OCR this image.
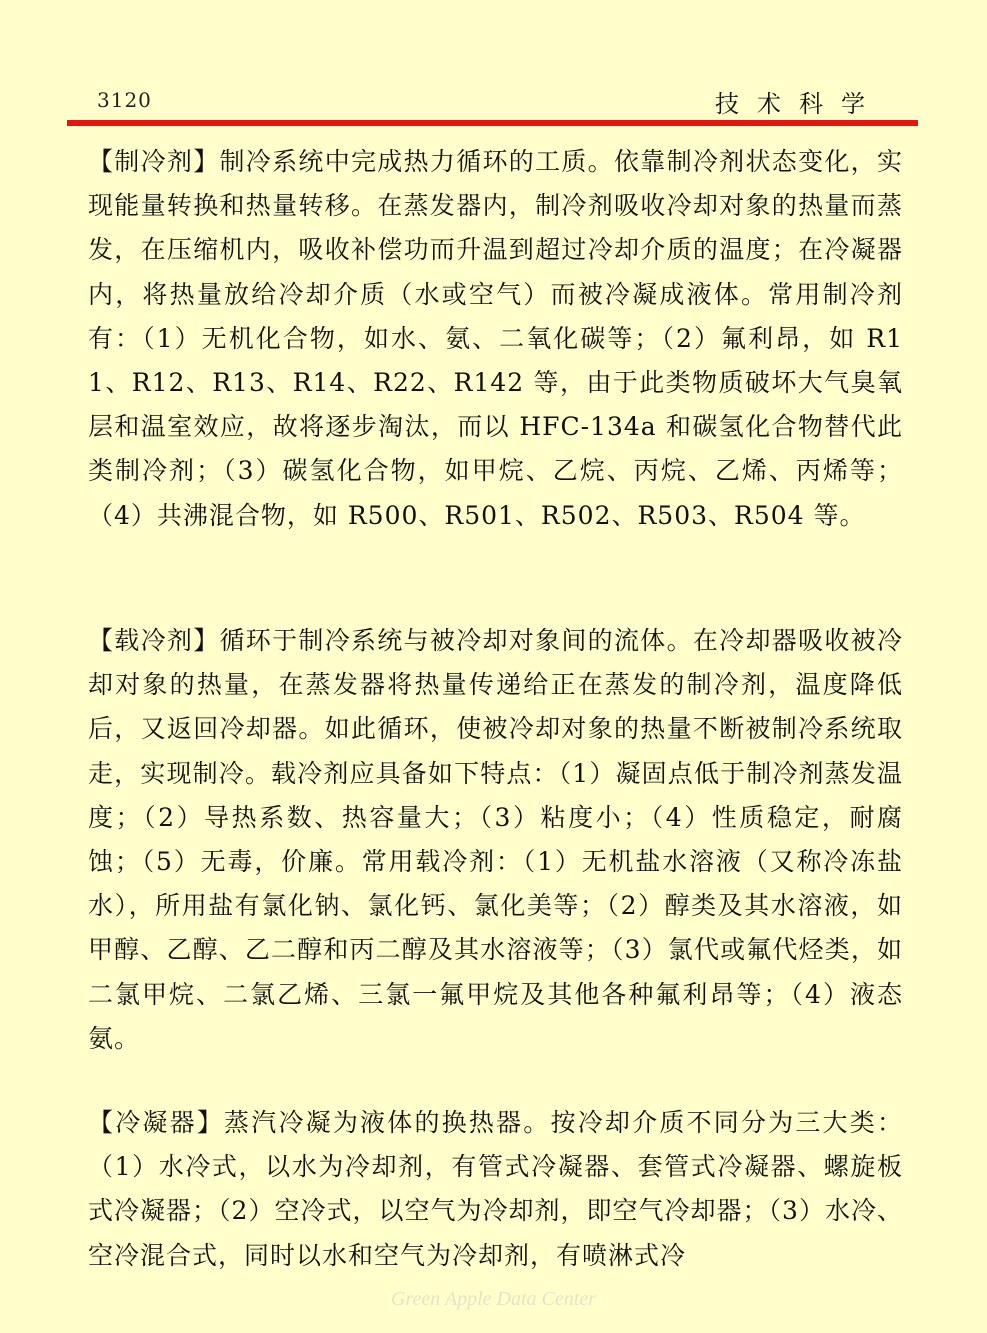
3120	技术科学
【制冷剂】制冷系统中完成热力循环的工质。依靠制冷剂状态变化，实现能量转换和热量转移。在蒸发器内，制冷剂吸收冷却对象的热量而蒸发，在压缩机内，吸收补偿功而升温到超过冷却介质的温度；在冷凝器内，将热量放给冷却介质（水或空气）而被冷凝成液体。常用制冷剂有：（1）无机化合物，如水、氨、二氧化碳等；（2）氟利昂，如 R11、R12、R13、R14、R22、R142 等，由于此类物质破坏大气臭氧层和温室效应，故将逐步淘汰，而以 HFC-134a 和碳氢化合物替代此类制冷剂；（3）碳氢化合物，如甲烷、乙烷、丙烷、乙烯、丙烯等；（4）共沸混合物，如 R500、R501、R502、R503、R504 等。
【载冷剂】循环于制冷系统与被冷却对象间的流体。在冷却器吸收被冷却对象的热量，在蒸发器将热量传递给正在蒸发的制冷剂，温度降低后，又返回冷却器。如此循环，使被冷却对象的热量不断被制冷系统取走，实现制冷。载冷剂应具备如下特点：（1）凝固点低于制冷剂蒸发温度；（2）导热系数、热容量大；（3）粘度小；（4）性质稳定，耐腐蚀；（5）无毒，价廉。常用载冷剂：（1）无机盐水溶液（又称冷冻盐水），所用盐有氯化钠、氯化钙、氯化美等；（2）醇类及其水溶液，如甲醇、乙醇、乙二醇和丙二醇及其水溶液等；（3）氯代或氟代烃类，如二氯甲烷、二氯乙烯、三氯一氟甲烷及其他各种氟利昂等；（4）液态氨。
【冷凝器】蒸汽冷凝为液体的换热器。按冷却介质不同分为三大类：（1）水冷式，以水为冷却剂，有管式冷凝器、套管式冷凝器、螺旋板式冷凝器；（2）空冷式，以空气为冷却剂，即空气冷却器；（3）水冷、空冷混合式，同时以水和空气为冷却剂，有喷淋式冷
Green Apple Data Center
